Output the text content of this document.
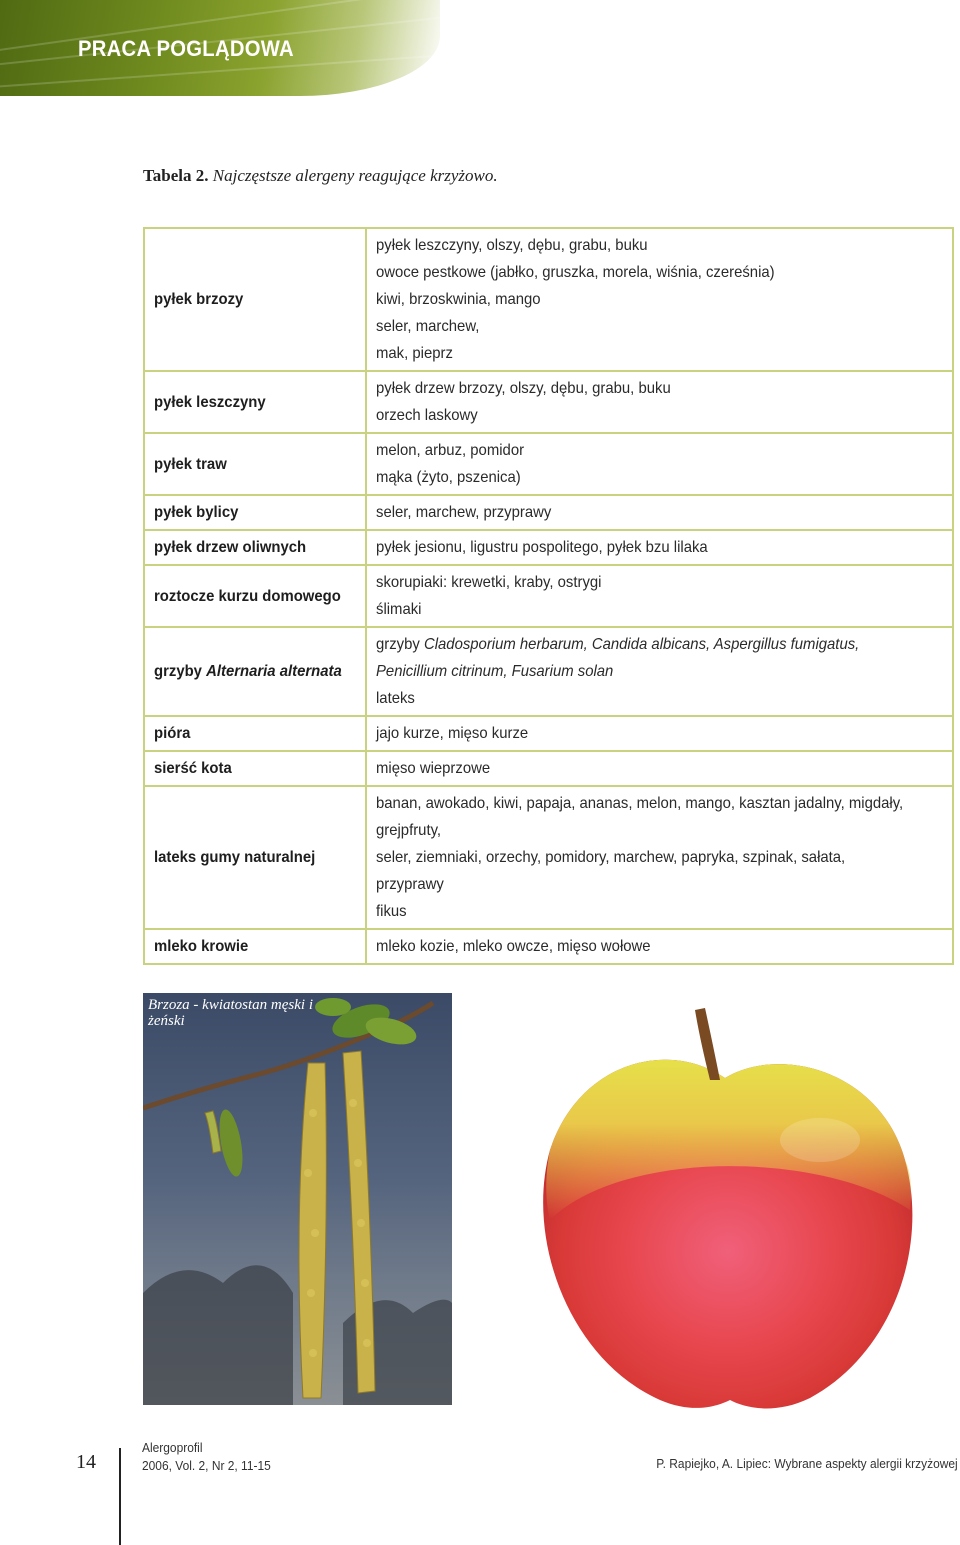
PRACA POGLĄDOWA
Tabela 2. Najczęstsze alergeny reagujące krzyżowo.
pyłek brzozy	pyłek leszczyny, olszy, dębu, grabu, buku
owoce pestkowe (jabłko, gruszka, morela, wiśnia, czereśnia)
kiwi, brzoskwinia, mango
seler, marchew,
mak, pieprz

pyłek leszczyny	pyłek drzew brzozy, olszy, dębu, grabu, buku
orzech laskowy

pyłek traw	melon, arbuz, pomidor
mąka (żyto, pszenica)

pyłek bylicy	seler, marchew, przyprawy

pyłek drzew oliwnych	pyłek jesionu, ligustru pospolitego, pyłek bzu lilaka

roztocze kurzu domowego	skorupiaki: krewetki, kraby, ostrygi
ślimaki

grzyby Alternaria alternata	grzyby Cladosporium herbarum, Candida albicans, Aspergillus fumigatus,
Penicillium citrinum, Fusarium solan
lateks

pióra	jajo kurze, mięso kurze

sierść kota	mięso wieprzowe

lateks gumy naturalnej	banan, awokado, kiwi, papaja, ananas, melon, mango, kasztan jadalny, migdały,
grejpfruty,
seler, ziemniaki, orzechy, pomidory, marchew, papryka, szpinak, sałata,
przyprawy
fikus

mleko krowie	mleko kozie, mleko owcze, mięso wołowe
Brzoza - kwiatostan męski i żeński
14
Alergoprofil
2006, Vol. 2, Nr 2, 11-15	P. Rapiejko, A. Lipiec: Wybrane aspekty alergii krzyżowej
